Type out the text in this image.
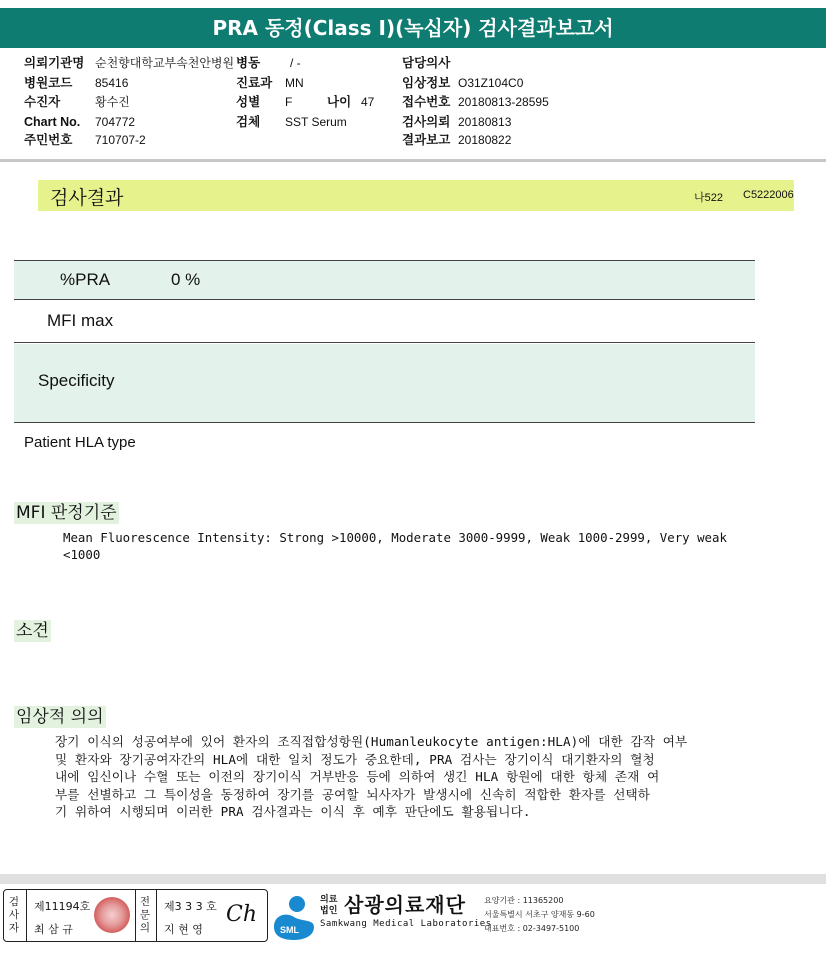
PRA 동정(Class I)(녹십자) 검사결과보고서
의뢰기관명 순천향대학교부속천안병원 병동 / -	담당의사
병원코드 85416	진료과 MN	임상정보 O31Z104C0
수진자	황수진	성별 F	나이 47 접수번호 20180813-28595
Chart No. 704772	검체 SST Serum	검사의뢰 20180813
주민번호 710707-2	결과보고 20180822
검사결과	나522 C5222006
%PRA	0 %
MFI max
Specificity
Patient HLA type
MFI 판정기준
Mean Fluorescence Intensity: Strong >10000, Moderate 3000-9999, Weak 1000-2999, Very weak
<1000
소견
임상적 의의
장기 이식의 성공여부에 있어 환자의 조직접합성항원(Humanleukocyte antigen:HLA)에 대한 감작 여부
및 환자와 장기공여자간의 HLA에 대한 일치 정도가 중요한데, PRA 검사는 장기이식 대기환자의 혈청
내에 임신이나 수혈 또는 이전의 장기이식 거부반응 등에 의하여 생긴 HLA 항원에 대한 항체 존재 여
부를 선별하고 그 특이성을 동정하여 장기를 공여할 뇌사자가 발생시에 신속히 적합한 환자를 선택하
기 위하여 시행되며 이러한 PRA 검사결과는 이식 후 예후 판단에도 활용됩니다.
검사자
제11194호
최 삼 규
전문의
제3 3 3 호
지 현 영
Ch
SML
의료
법인 삼광의료재단
Samkwang Medical Laboratories
요양기관 : 11365200
서울특별시 서초구 양재동 9-60
대표번호 : 02-3497-5100
